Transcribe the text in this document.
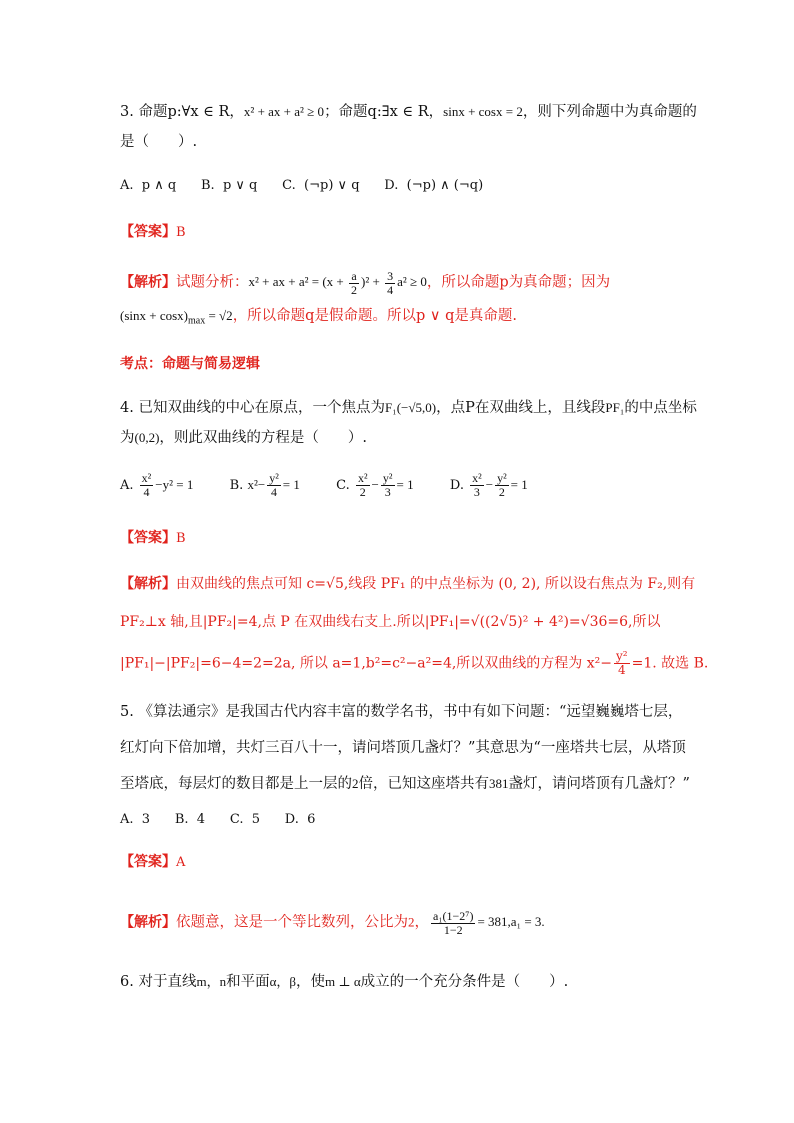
3. 命题p:∀x ∈ R，x² + ax + a² ≥ 0；命题q:∃x ∈ R，sinx + cosx = 2，则下列命题中为真命题的
是（　　）.
A.  p ∧ q      B.  p ∨ q      C.  (¬p) ∨ q      D.  (¬p) ∧ (¬q)
【答案】B
【解析】试题分析：x² + ax + $a^2 = (x + \frac{a}{2} )^2 + \frac{3}{4} a^2 \ge 0$，所以命题p为真命题；因为
$(\sin x + \cos x)_{max} = √2$，所以命题q是假命题。所以p ∨ q是真命题.
考点：命题与简易逻辑
4. 已知双曲线的中心在原点，一个焦点为F₁(−√5,0)，点P在双曲线上，且线段PF₁的中点坐标
为(0,2)，则此双曲线的方程是（　　）.
A. $\frac{\text{x²}}{4} -y^2 = 1$	B. $x^2- \frac{\text{y²}}{4} = 1$	C. $\frac{\text{x²}}{2} - \frac{\text{y²}}{3} = 1$	D. $\frac{\text{x²}}{3} - \frac{\text{y²}}{2} = 1$
【答案】B
【解析】由双曲线的焦点可知 c=√5,线段 PF₁ 的中点坐标为 (0, 2), 所以设右焦点为 F₂,则有
PF₂⊥x 轴,且|PF₂|=4,点 P 在双曲线右支上.所以|PF₁|=√((2√5)² + 4²)=√36=6,所以
|PF₁|−|PF₂|=6−4=2=2a, 所以 a=1,b²=c²−a²=4,所以双曲线的方程为 $x^2- \frac{\text{y²}}{4} =1$. 故选 B.
5. 《算法通宗》是我国古代内容丰富的数学名书，书中有如下问题：“远望巍巍塔七层，
红灯向下倍加增，共灯三百八十一，请问塔顶几盏灯？”其意思为“一座塔共七层，从塔顶
至塔底，每层灯的数目都是上一层的2倍，已知这座塔共有381盏灯，请问塔顶有几盏灯？”
A.  3      B.  4      C.  5      D.  6
【答案】A
【解析】依题意，这是一个等比数列，公比为2， $\frac{\text{a₁(1−2⁷)}}{1-2} = 381,a_1 = 3$.
6. 对于直线m，n和平面α，β，使m ⊥ α成立的一个充分条件是（　　）.
